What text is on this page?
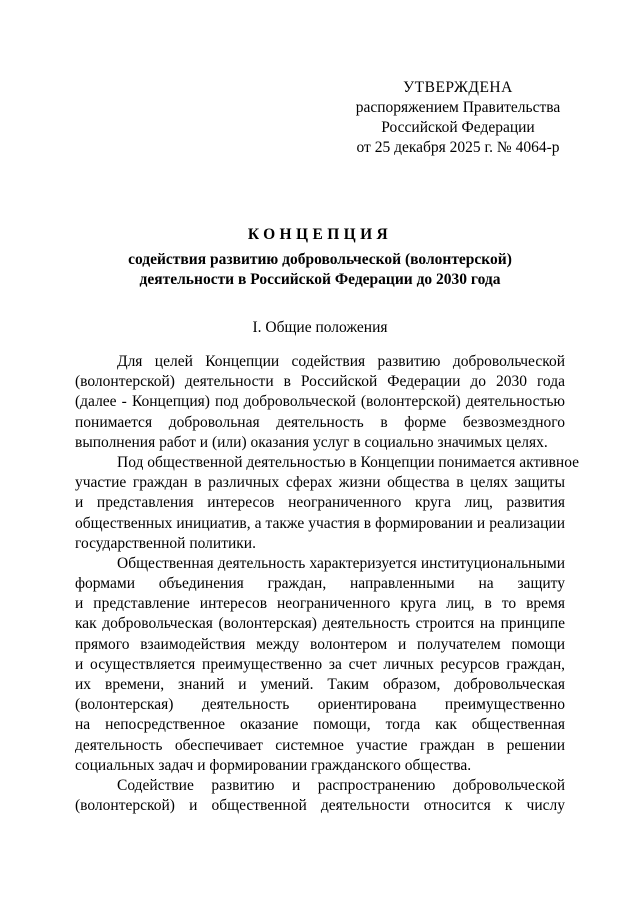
УТВЕРЖДЕНА
распоряжением Правительства
Российской Федерации
от 25 декабря 2025 г. № 4064-р
КОНЦЕПЦИЯ
содействия развитию добровольческой (волонтерской)
деятельности в Российской Федерации до 2030 года
I. Общие положения
Для целей Концепции содействия развитию добровольческой
(волонтерской) деятельности в Российской Федерации до 2030 года
(далее - Концепция) под добровольческой (волонтерской) деятельностью
понимается добровольная деятельность в форме безвозмездного
выполнения работ и (или) оказания услуг в социально значимых целях.
Под общественной деятельностью в Концепции понимается активное
участие граждан в различных сферах жизни общества в целях защиты
и представления интересов неограниченного круга лиц, развития
общественных инициатив, а также участия в формировании и реализации
государственной политики.
Общественная деятельность характеризуется институциональными
формами объединения граждан, направленными на защиту
и представление интересов неограниченного круга лиц, в то время
как добровольческая (волонтерская) деятельность строится на принципе
прямого взаимодействия между волонтером и получателем помощи
и осуществляется преимущественно за счет личных ресурсов граждан,
их времени, знаний и умений. Таким образом, добровольческая
(волонтерская) деятельность ориентирована преимущественно
на непосредственное оказание помощи, тогда как общественная
деятельность обеспечивает системное участие граждан в решении
социальных задач и формировании гражданского общества.
Содействие развитию и распространению добровольческой
(волонтерской) и общественной деятельности относится к числу
